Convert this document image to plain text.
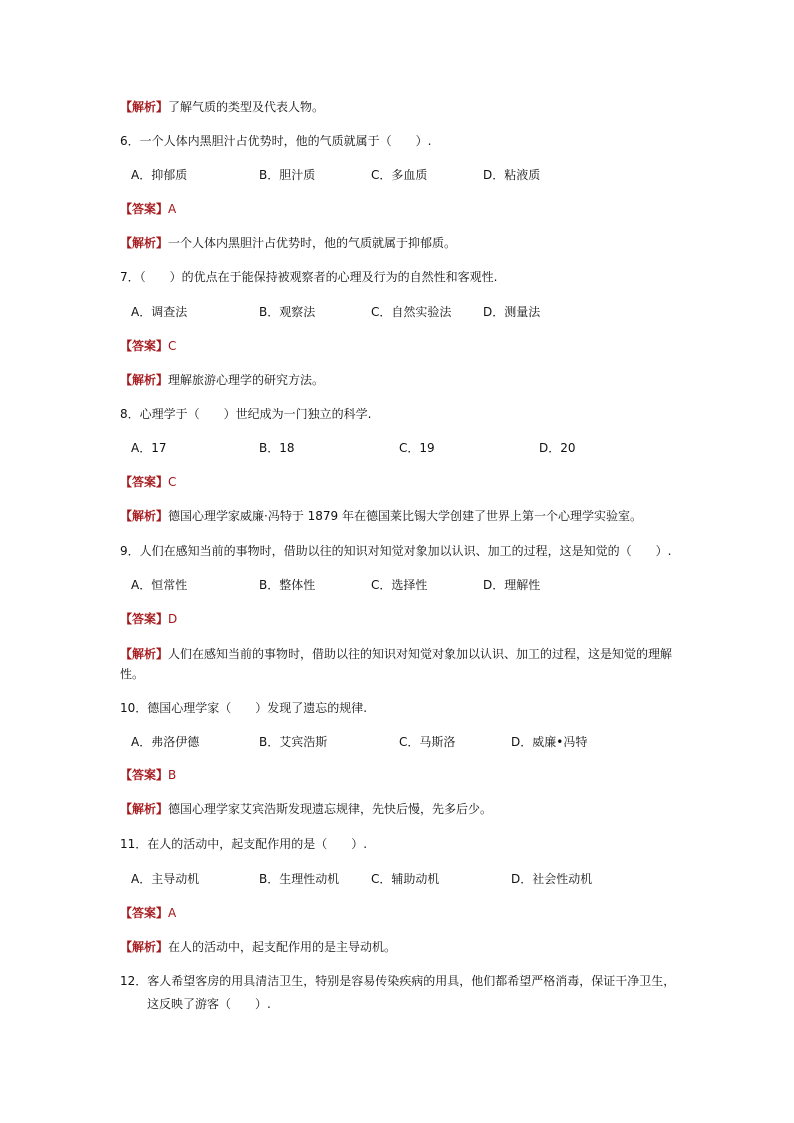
【解析】了解气质的类型及代表人物。
6．一个人体内黑胆汁占优势时，他的气质就属于（　　）.
A．抑郁质	B．胆汁质	C．多血质	D．粘液质
【答案】A
【解析】一个人体内黑胆汁占优势时，他的气质就属于抑郁质。
7．（　　）的优点在于能保持被观察者的心理及行为的自然性和客观性.
A．调查法	B．观察法	C．自然实验法	D．测量法
【答案】C
【解析】理解旅游心理学的研究方法。
8．心理学于（　　）世纪成为一门独立的科学.
A．17	B．18	C．19	D．20
【答案】C
【解析】德国心理学家威廉·冯特于 1879 年在德国莱比锡大学创建了世界上第一个心理学实验室。
9．人们在感知当前的事物时，借助以往的知识对知觉对象加以认识、加工的过程，这是知觉的（　　）.
A．恒常性	B．整体性	C．选择性	D．理解性
【答案】D
【解析】人们在感知当前的事物时，借助以往的知识对知觉对象加以认识、加工的过程，这是知觉的理解性。
10．德国心理学家（　　）发现了遗忘的规律.
A．弗洛伊德	B．艾宾浩斯	C．马斯洛	D．威廉•冯特
【答案】B
【解析】德国心理学家艾宾浩斯发现遗忘规律，先快后慢，先多后少。
11．在人的活动中，起支配作用的是（　　）.
A．主导动机	B．生理性动机	C．辅助动机	D．社会性动机
【答案】A
【解析】在人的活动中，起支配作用的是主导动机。
12．客人希望客房的用具清洁卫生，特别是容易传染疾病的用具，他们都希望严格消毒，保证干净卫生，
这反映了游客（　　）.
